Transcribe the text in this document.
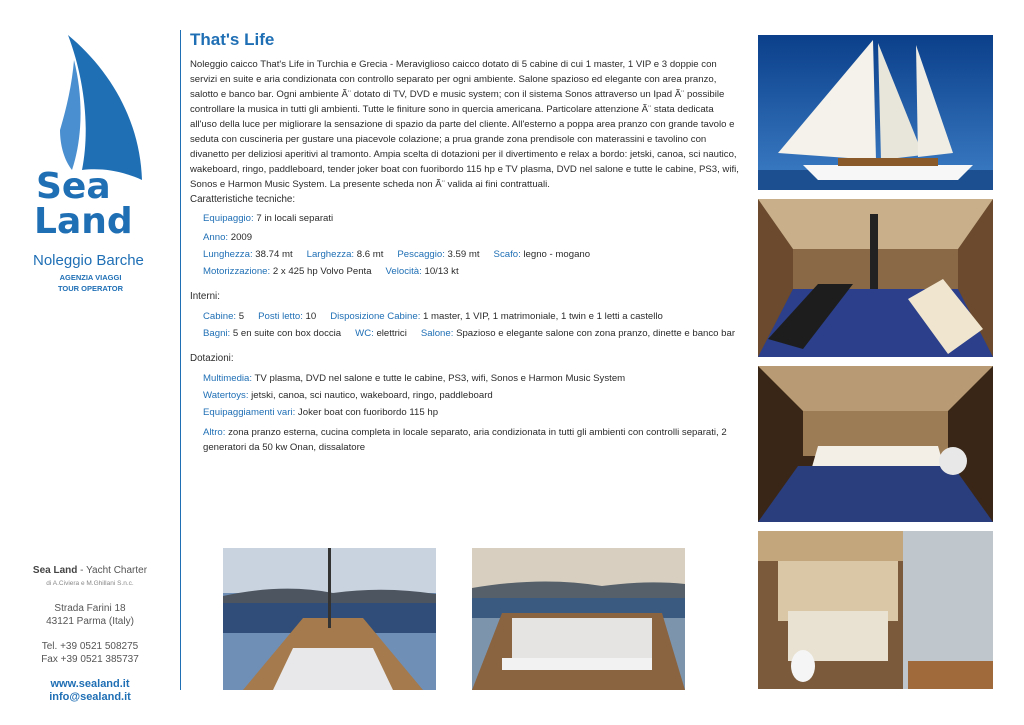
Sea
Land
Noleggio Barche
AGENZIA VIAGGI
TOUR OPERATOR
Sea Land - Yacht Charter
di A.Civiera e M.Ghillani S.n.c.
Strada Farini 18
43121 Parma (Italy)
Tel. +39 0521 508275
Fax +39 0521 385737
www.sealand.it
info@sealand.it
That's Life
Noleggio caicco That's Life in Turchia e Grecia - Meraviglioso caicco dotato di 5 cabine di cui 1 master, 1 VIP e 3 doppie con servizi en suite e aria condizionata con controllo separato per ogni ambiente. Salone spazioso ed elegante con area pranzo, salotto e banco bar. Ogni ambiente Ã¨ dotato di TV, DVD e music system; con il sistema Sonos attraverso un Ipad Ã¨ possibile controllare la musica in tutti gli ambienti. Tutte le finiture sono in quercia americana. Particolare attenzione Ã¨ stata dedicata all'uso della luce per migliorare la sensazione di spazio da parte del cliente. All'esterno a poppa area pranzo con grande tavolo e seduta con cuscineria per gustare una piacevole colazione; a prua grande zona prendisole con materassini e tavolino con divanetto per deliziosi aperitivi al tramonto. Ampia scelta di dotazioni per il divertimento e relax a bordo: jetski, canoa, sci nautico, wakeboard, ringo, paddleboard, tender joker boat con fuoribordo 115 hp e TV plasma, DVD nel salone e tutte le cabine, PS3, wifi, Sonos e Harmon Music System. La presente scheda non Ã¨ valida ai fini contrattuali.
Caratteristiche tecniche:
Equipaggio: 7 in locali separati
Anno: 2009
Lunghezza: 38.74 mt Larghezza: 8.6 mt Pescaggio: 3.59 mt Scafo: legno - mogano
Motorizzazione: 2 x 425 hp Volvo Penta Velocità: 10/13 kt
Interni:
Cabine: 5 Posti letto: 10 Disposizione Cabine: 1 master, 1 VIP, 1 matrimoniale, 1 twin e 1 letti a castello
Bagni: 5 en suite con box doccia WC: elettrici Salone: Spazioso e elegante salone con zona pranzo, dinette e banco bar
Dotazioni:
Multimedia: TV plasma, DVD nel salone e tutte le cabine, PS3, wifi, Sonos e Harmon Music System
Watertoys: jetski, canoa, sci nautico, wakeboard, ringo, paddleboard
Equipaggiamenti vari: Joker boat con fuoribordo 115 hp
Altro: zona pranzo esterna, cucina completa in locale separato, aria condizionata in tutti gli ambienti con controlli separati, 2 generatori da 50 kw Onan, dissalatore
